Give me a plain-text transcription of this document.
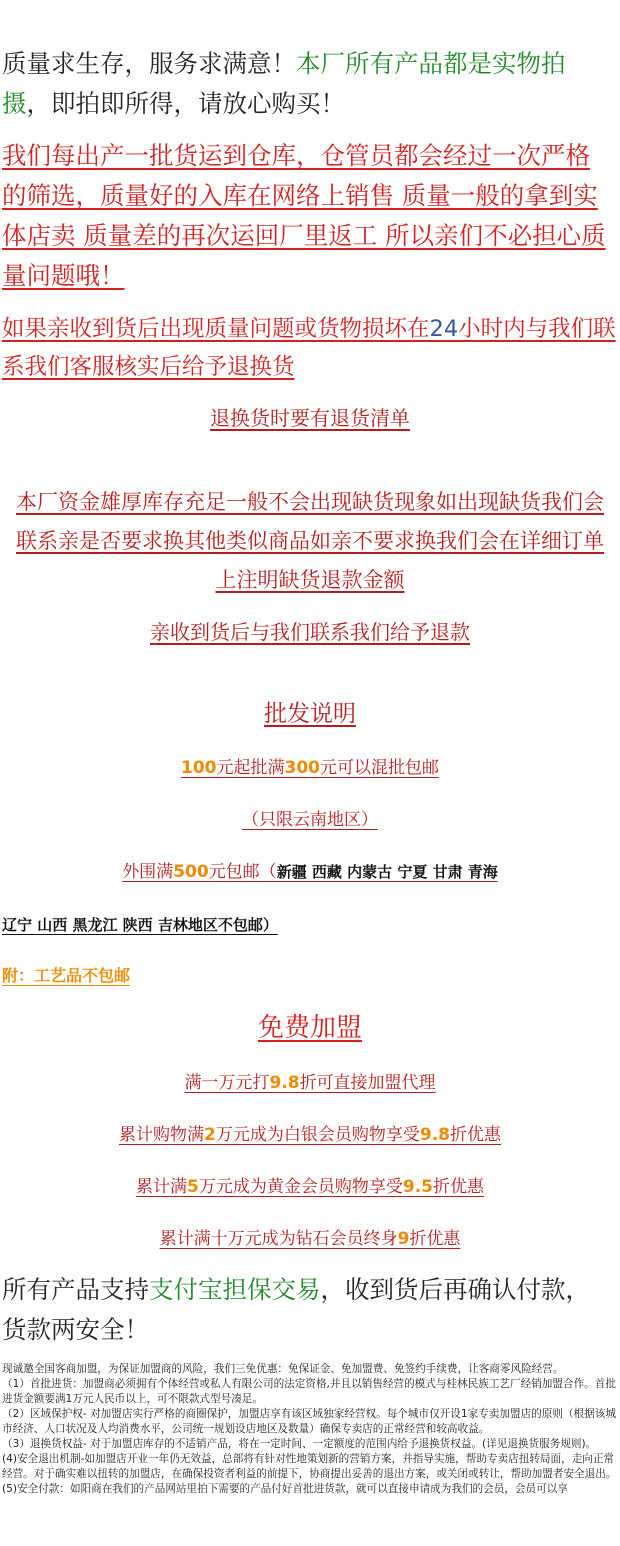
质量求生存，服务求满意！本厂所有产品都是实物拍
摄，即拍即所得，请放心购买！
我们每出产一批货运到仓库，仓管员都会经过一次严格的筛选，质量好的入库在网络上销售 质量一般的拿到实体店卖 质量差的再次运回厂里返工 所以亲们不必担心质量问题哦！
如果亲收到货后出现质量问题或货物损坏在24小时内与我们联系我们客服核实后给予退换货
退换货时要有退货清单
本厂资金雄厚库存充足一般不会出现缺货现象如出现缺货我们会联系亲是否要求换其他类似商品如亲不要求换我们会在详细订单上注明缺货退款金额
亲收到货后与我们联系我们给予退款
批发说明
100元起批满300元可以混批包邮
（只限云南地区）
外围满500元包邮（新疆 西藏 内蒙古 宁夏 甘肃 青海
辽宁 山西 黑龙江 陕西 吉林地区不包邮）
附：工艺品不包邮
免费加盟
满一万元打9.8折可直接加盟代理
累计购物满2万元成为白银会员购物享受9.8折优惠
累计满5万元成为黄金会员购物享受9.5折优惠
累计满十万元成为钻石会员终身9折优惠
所有产品支持支付宝担保交易，收到货后再确认付款，货款两安全！
现诚邀全国客商加盟，为保证加盟商的风险，我们三免优惠：免保证金、免加盟费、免签约手续费，让客商零风险经营。
（1）首批进货：加盟商必须拥有个体经营或私人有限公司的法定资格,并且以销售经营的模式与桂林民族工艺厂经销加盟合作。首批进货金额要满1万元人民币以上，可不限款式型号凑足。
（2）区域保护权- 对加盟店实行严格的商圈保护，加盟店享有该区域独家经营权。每个城市仅开设1家专卖加盟店的原则（根据该城市经济、人口状况及人均消费水平，公司统一规划设店地区及数量）确保专卖店的正常经营和较高收益。
（3）退换货权益- 对于加盟店库存的不适销产品，将在一定时间、一定额度的范围内给予退换货权益。(详见退换货服务规则)。
(4)安全退出机制-如加盟店开业一年仍无效益，总部将有针对性地策划新的营销方案，并指导实施，帮助专卖店扭转局面，走向正常经营。对于确实难以扭转的加盟店，在确保投资者利益的前提下，协商提出妥善的退出方案，或关闭或转让，帮助加盟者安全退出。
(5)安全付款：如阳商在我们的产品网站里拍下需要的产品付好首批进货款，就可以直接申请成为我们的会员，会员可以享
